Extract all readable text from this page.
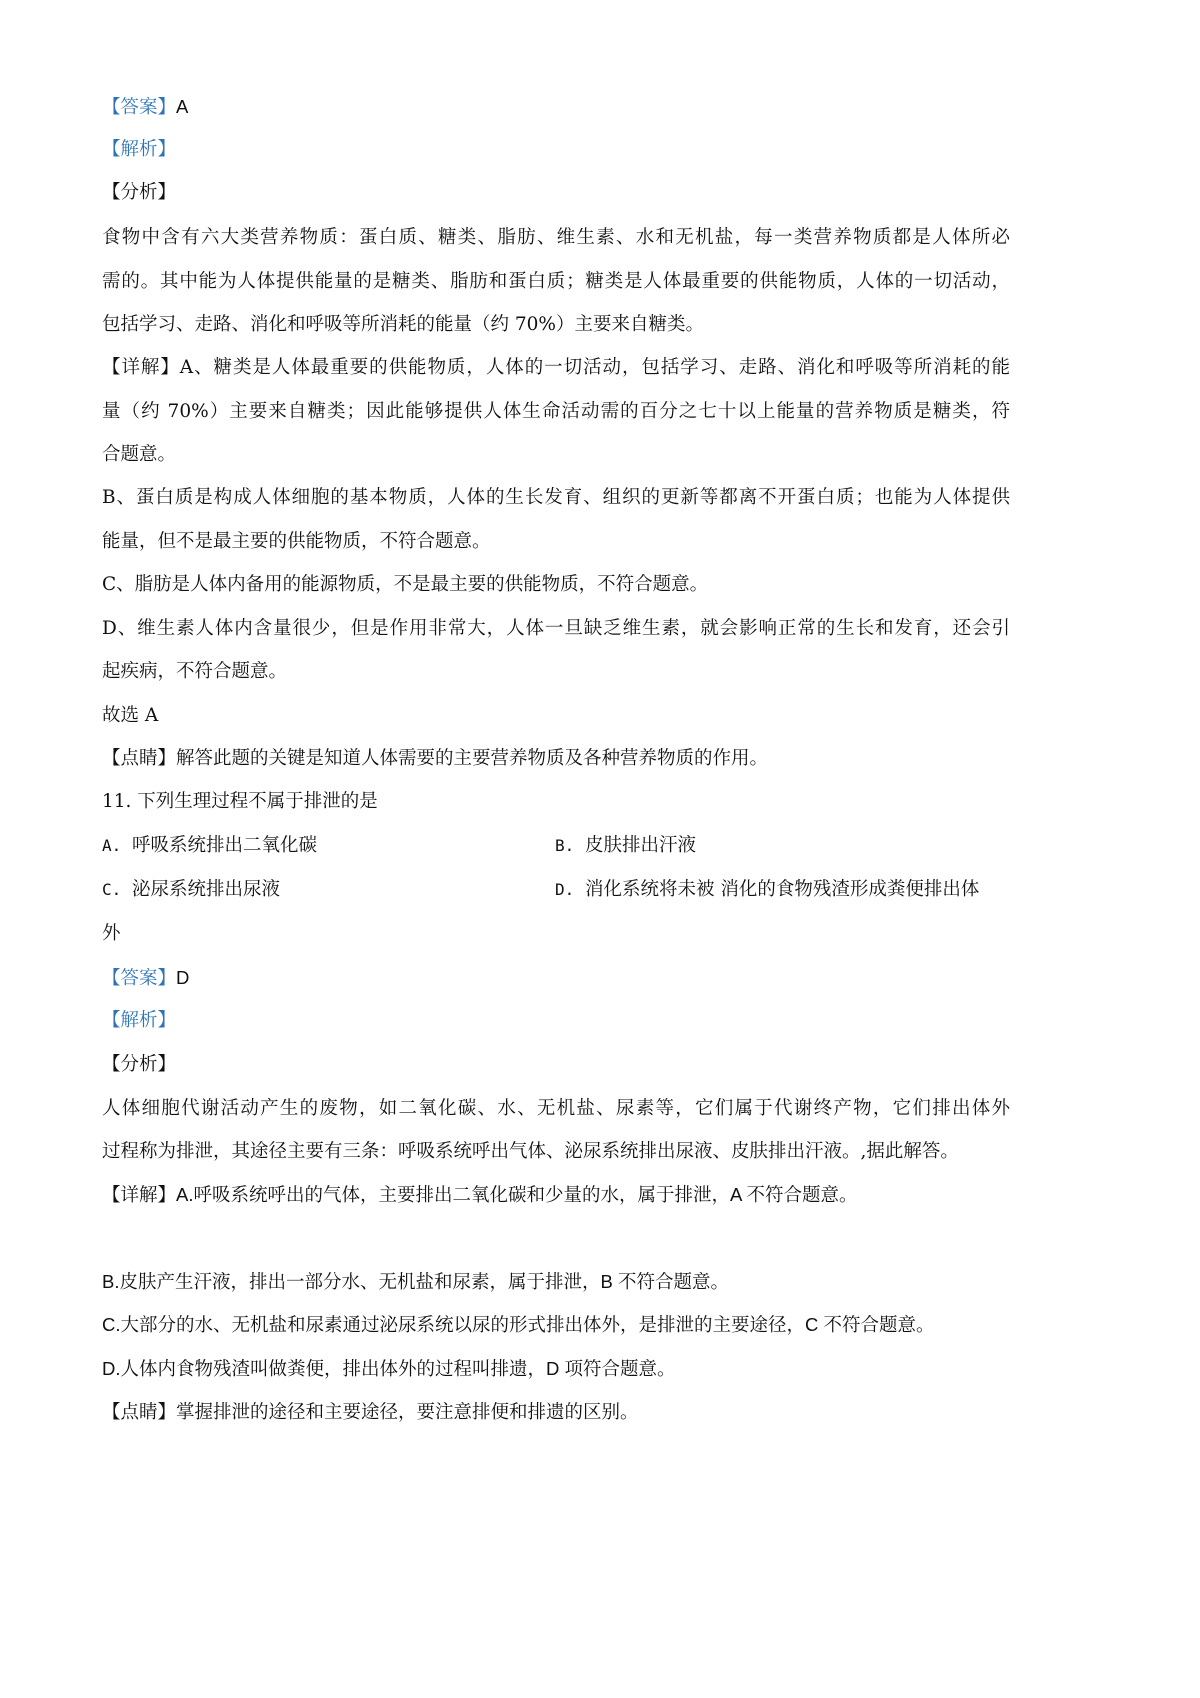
【答案】A
【解析】
【分析】
食物中含有六大类营养物质：蛋白质、糖类、脂肪、维生素、水和无机盐，每一类营养物质都是人体所必
需的。其中能为人体提供能量的是糖类、脂肪和蛋白质；糖类是人体最重要的供能物质，人体的一切活动，
包括学习、走路、消化和呼吸等所消耗的能量（约 70%）主要来自糖类。
【详解】A、糖类是人体最重要的供能物质，人体的一切活动，包括学习、走路、消化和呼吸等所消耗的能
量（约 70%）主要来自糖类；因此能够提供人体生命活动需的百分之七十以上能量的营养物质是糖类，符
合题意。
B、蛋白质是构成人体细胞的基本物质，人体的生长发育、组织的更新等都离不开蛋白质；也能为人体提供
能量，但不是最主要的供能物质，不符合题意。
C、脂肪是人体内备用的能源物质，不是最主要的供能物质，不符合题意。
D、维生素人体内含量很少，但是作用非常大，人体一旦缺乏维生素，就会影响正常的生长和发育，还会引
起疾病，不符合题意。
故选 A
【点睛】解答此题的关键是知道人体需要的主要营养物质及各种营养物质的作用。
11. 下列生理过程不属于排泄的是
A. 呼吸系统排出二氧化碳	B. 皮肤排出汗液
C. 泌尿系统排出尿液	D. 消化系统将未被 消化的食物残渣形成粪便排出体
外
【答案】D
【解析】
【分析】
人体细胞代谢活动产生的废物，如二氧化碳、水、无机盐、尿素等，它们属于代谢终产物，它们排出体外
过程称为排泄，其途径主要有三条：呼吸系统呼出气体、泌尿系统排出尿液、皮肤排出汗液。,据此解答。
【详解】A.呼吸系统呼出的气体，主要排出二氧化碳和少量的水，属于排泄，A 不符合题意。
B.皮肤产生汗液，排出一部分水、无机盐和尿素，属于排泄，B 不符合题意。
C.大部分的水、无机盐和尿素通过泌尿系统以尿的形式排出体外，是排泄的主要途径，C 不符合题意。
D.人体内食物残渣叫做粪便，排出体外的过程叫排遗，D 项符合题意。
【点睛】掌握排泄的途径和主要途径，要注意排便和排遗的区别。
